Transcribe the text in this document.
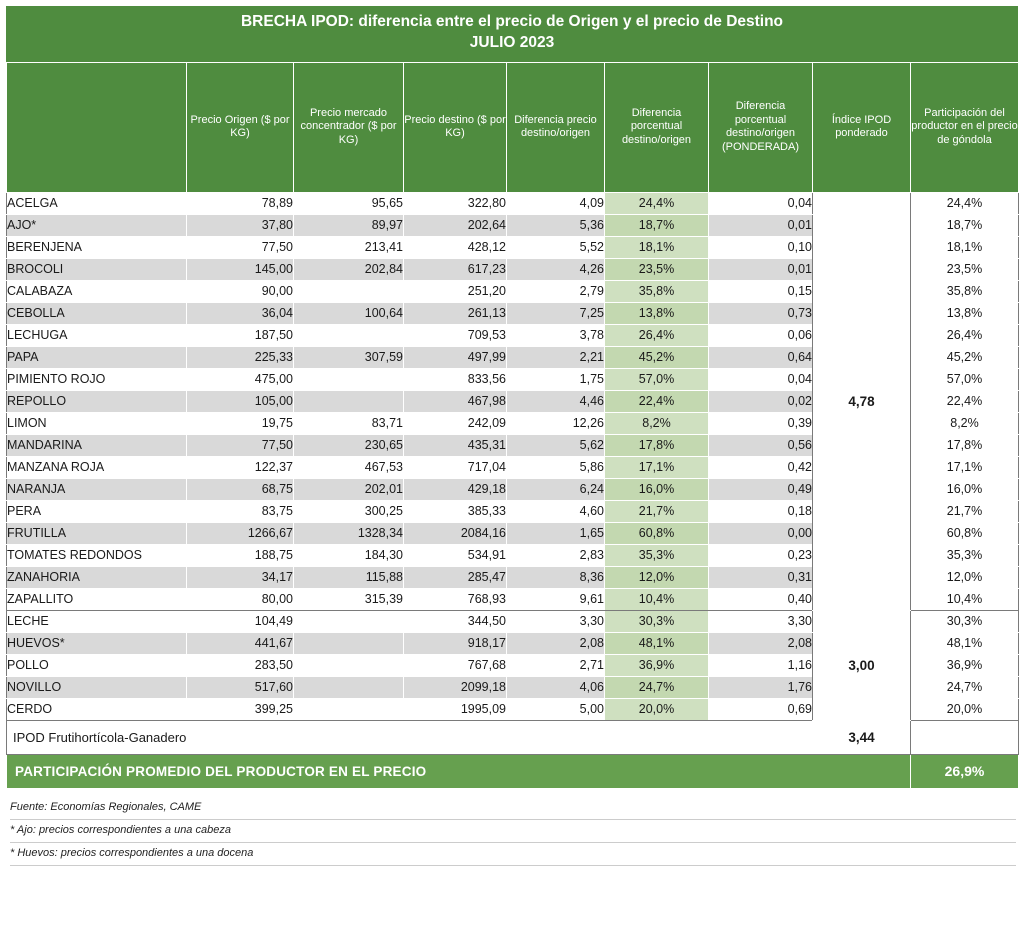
BRECHA IPOD: diferencia entre el precio de Origen y el precio de Destino
JULIO 2023
	Precio Origen ($ por KG)	Precio mercado concentrador ($ por KG)	Precio destino ($ por KG)	Diferencia precio destino/origen	Diferencia porcentual destino/origen	Diferencia porcentual destino/origen (PONDERADA)	Índice IPOD ponderado	Participación del productor en el precio de góndola
ACELGA	78,89	95,65	322,80	4,09	24,4%	0,04	4,78	24,4%
AJO*	37,80	89,97	202,64	5,36	18,7%	0,01		18,7%
BERENJENA	77,50	213,41	428,12	5,52	18,1%	0,10		18,1%
BROCOLI	145,00	202,84	617,23	4,26	23,5%	0,01		23,5%
CALABAZA	90,00		251,20	2,79	35,8%	0,15		35,8%
CEBOLLA	36,04	100,64	261,13	7,25	13,8%	0,73		13,8%
LECHUGA	187,50		709,53	3,78	26,4%	0,06		26,4%
PAPA	225,33	307,59	497,99	2,21	45,2%	0,64		45,2%
PIMIENTO ROJO	475,00		833,56	1,75	57,0%	0,04		57,0%
REPOLLO	105,00		467,98	4,46	22,4%	0,02		22,4%
LIMON	19,75	83,71	242,09	12,26	8,2%	0,39		8,2%
MANDARINA	77,50	230,65	435,31	5,62	17,8%	0,56		17,8%
MANZANA ROJA	122,37	467,53	717,04	5,86	17,1%	0,42		17,1%
NARANJA	68,75	202,01	429,18	6,24	16,0%	0,49		16,0%
PERA	83,75	300,25	385,33	4,60	21,7%	0,18		21,7%
FRUTILLA	1266,67	1328,34	2084,16	1,65	60,8%	0,00		60,8%
TOMATES REDONDOS	188,75	184,30	534,91	2,83	35,3%	0,23		35,3%
ZANAHORIA	34,17	115,88	285,47	8,36	12,0%	0,31		12,0%
ZAPALLITO	80,00	315,39	768,93	9,61	10,4%	0,40		10,4%
LECHE	104,49		344,50	3,30	30,3%	3,30	3,00	30,3%
HUEVOS*	441,67		918,17	2,08	48,1%	2,08		48,1%
POLLO	283,50		767,68	2,71	36,9%	1,16		36,9%
NOVILLO	517,60		2099,18	4,06	24,7%	1,76		24,7%
CERDO	399,25		1995,09	5,00	20,0%	0,69		20,0%
IPOD Frutihortícola-Ganadero							3,44	
PARTICIPACIÓN PROMEDIO DEL PRODUCTOR EN EL PRECIO								26,9%
Fuente: Economías Regionales, CAME
* Ajo: precios correspondientes a una cabeza
* Huevos: precios correspondientes a una docena
